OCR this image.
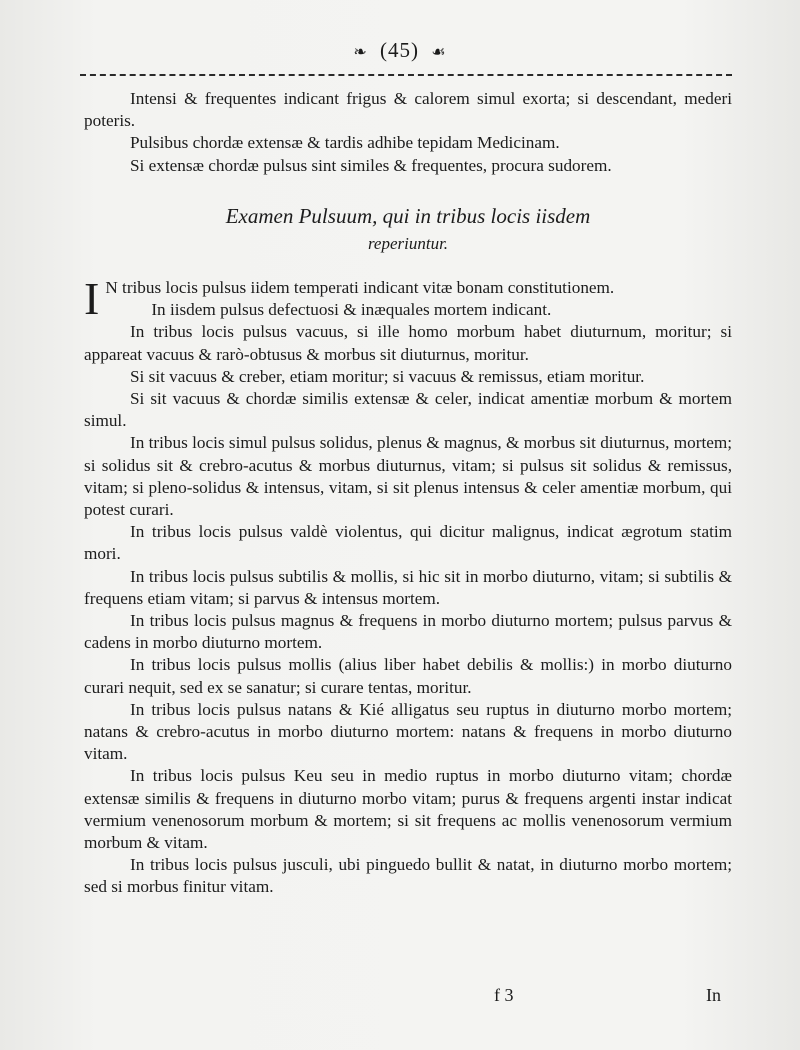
❧ (45) ☙

Intensi & frequentes indicant frigus & calorem simul exorta; si descendant, mederi poteris.

Pulsibus chordæ extensæ & tardis adhibe tepidam Medicinam.

Si extensæ chordæ pulsus sint similes & frequentes, procura sudorem.

Examen Pulsuum, qui in tribus locis iisdem
reperiuntur.

I N tribus locis pulsus iidem temperati indicant vitæ bonam constitutionem.

In iisdem pulsus defectuosi & inæquales mortem indicant.

In tribus locis pulsus vacuus, si ille homo morbum habet diuturnum, moritur; si appareat vacuus & rarò-obtusus & morbus sit diuturnus, moritur.

Si sit vacuus & creber, etiam moritur; si vacuus & remissus, etiam moritur.

Si sit vacuus & chordæ similis extensæ & celer, indicat amentiæ morbum & mortem simul.

In tribus locis simul pulsus solidus, plenus & magnus, & morbus sit diuturnus, mortem; si solidus sit & crebro-acutus & morbus diuturnus, vitam; si pulsus sit solidus & remissus, vitam; si pleno-solidus & intensus, vitam, si sit plenus intensus & celer amentiæ morbum, qui potest curari.

In tribus locis pulsus valdè violentus, qui dicitur malignus, indicat ægrotum statim mori.

In tribus locis pulsus subtilis & mollis, si hic sit in morbo diuturno, vitam; si subtilis & frequens etiam vitam; si parvus & intensus mortem.

In tribus locis pulsus magnus & frequens in morbo diuturno mortem; pulsus parvus & cadens in morbo diuturno mortem.

In tribus locis pulsus mollis (alius liber habet debilis & mollis:) in morbo diuturno curari nequit, sed ex se sanatur; si curare tentas, moritur.

In tribus locis pulsus natans & Kié alligatus seu ruptus in diuturno morbo mortem; natans & crebro-acutus in morbo diuturno mortem: natans & frequens in morbo diuturno vitam.

In tribus locis pulsus Keu seu in medio ruptus in morbo diuturno vitam; chordæ extensæ similis & frequens in diuturno morbo vitam; purus & frequens argenti instar indicat vermium venenosorum morbum & mortem; si sit frequens ac mollis venenosorum vermium morbum & vitam.

In tribus locis pulsus jusculi, ubi pinguedo bullit & natat, in diuturno morbo mortem; sed si morbus finitur vitam.

f 3	In
